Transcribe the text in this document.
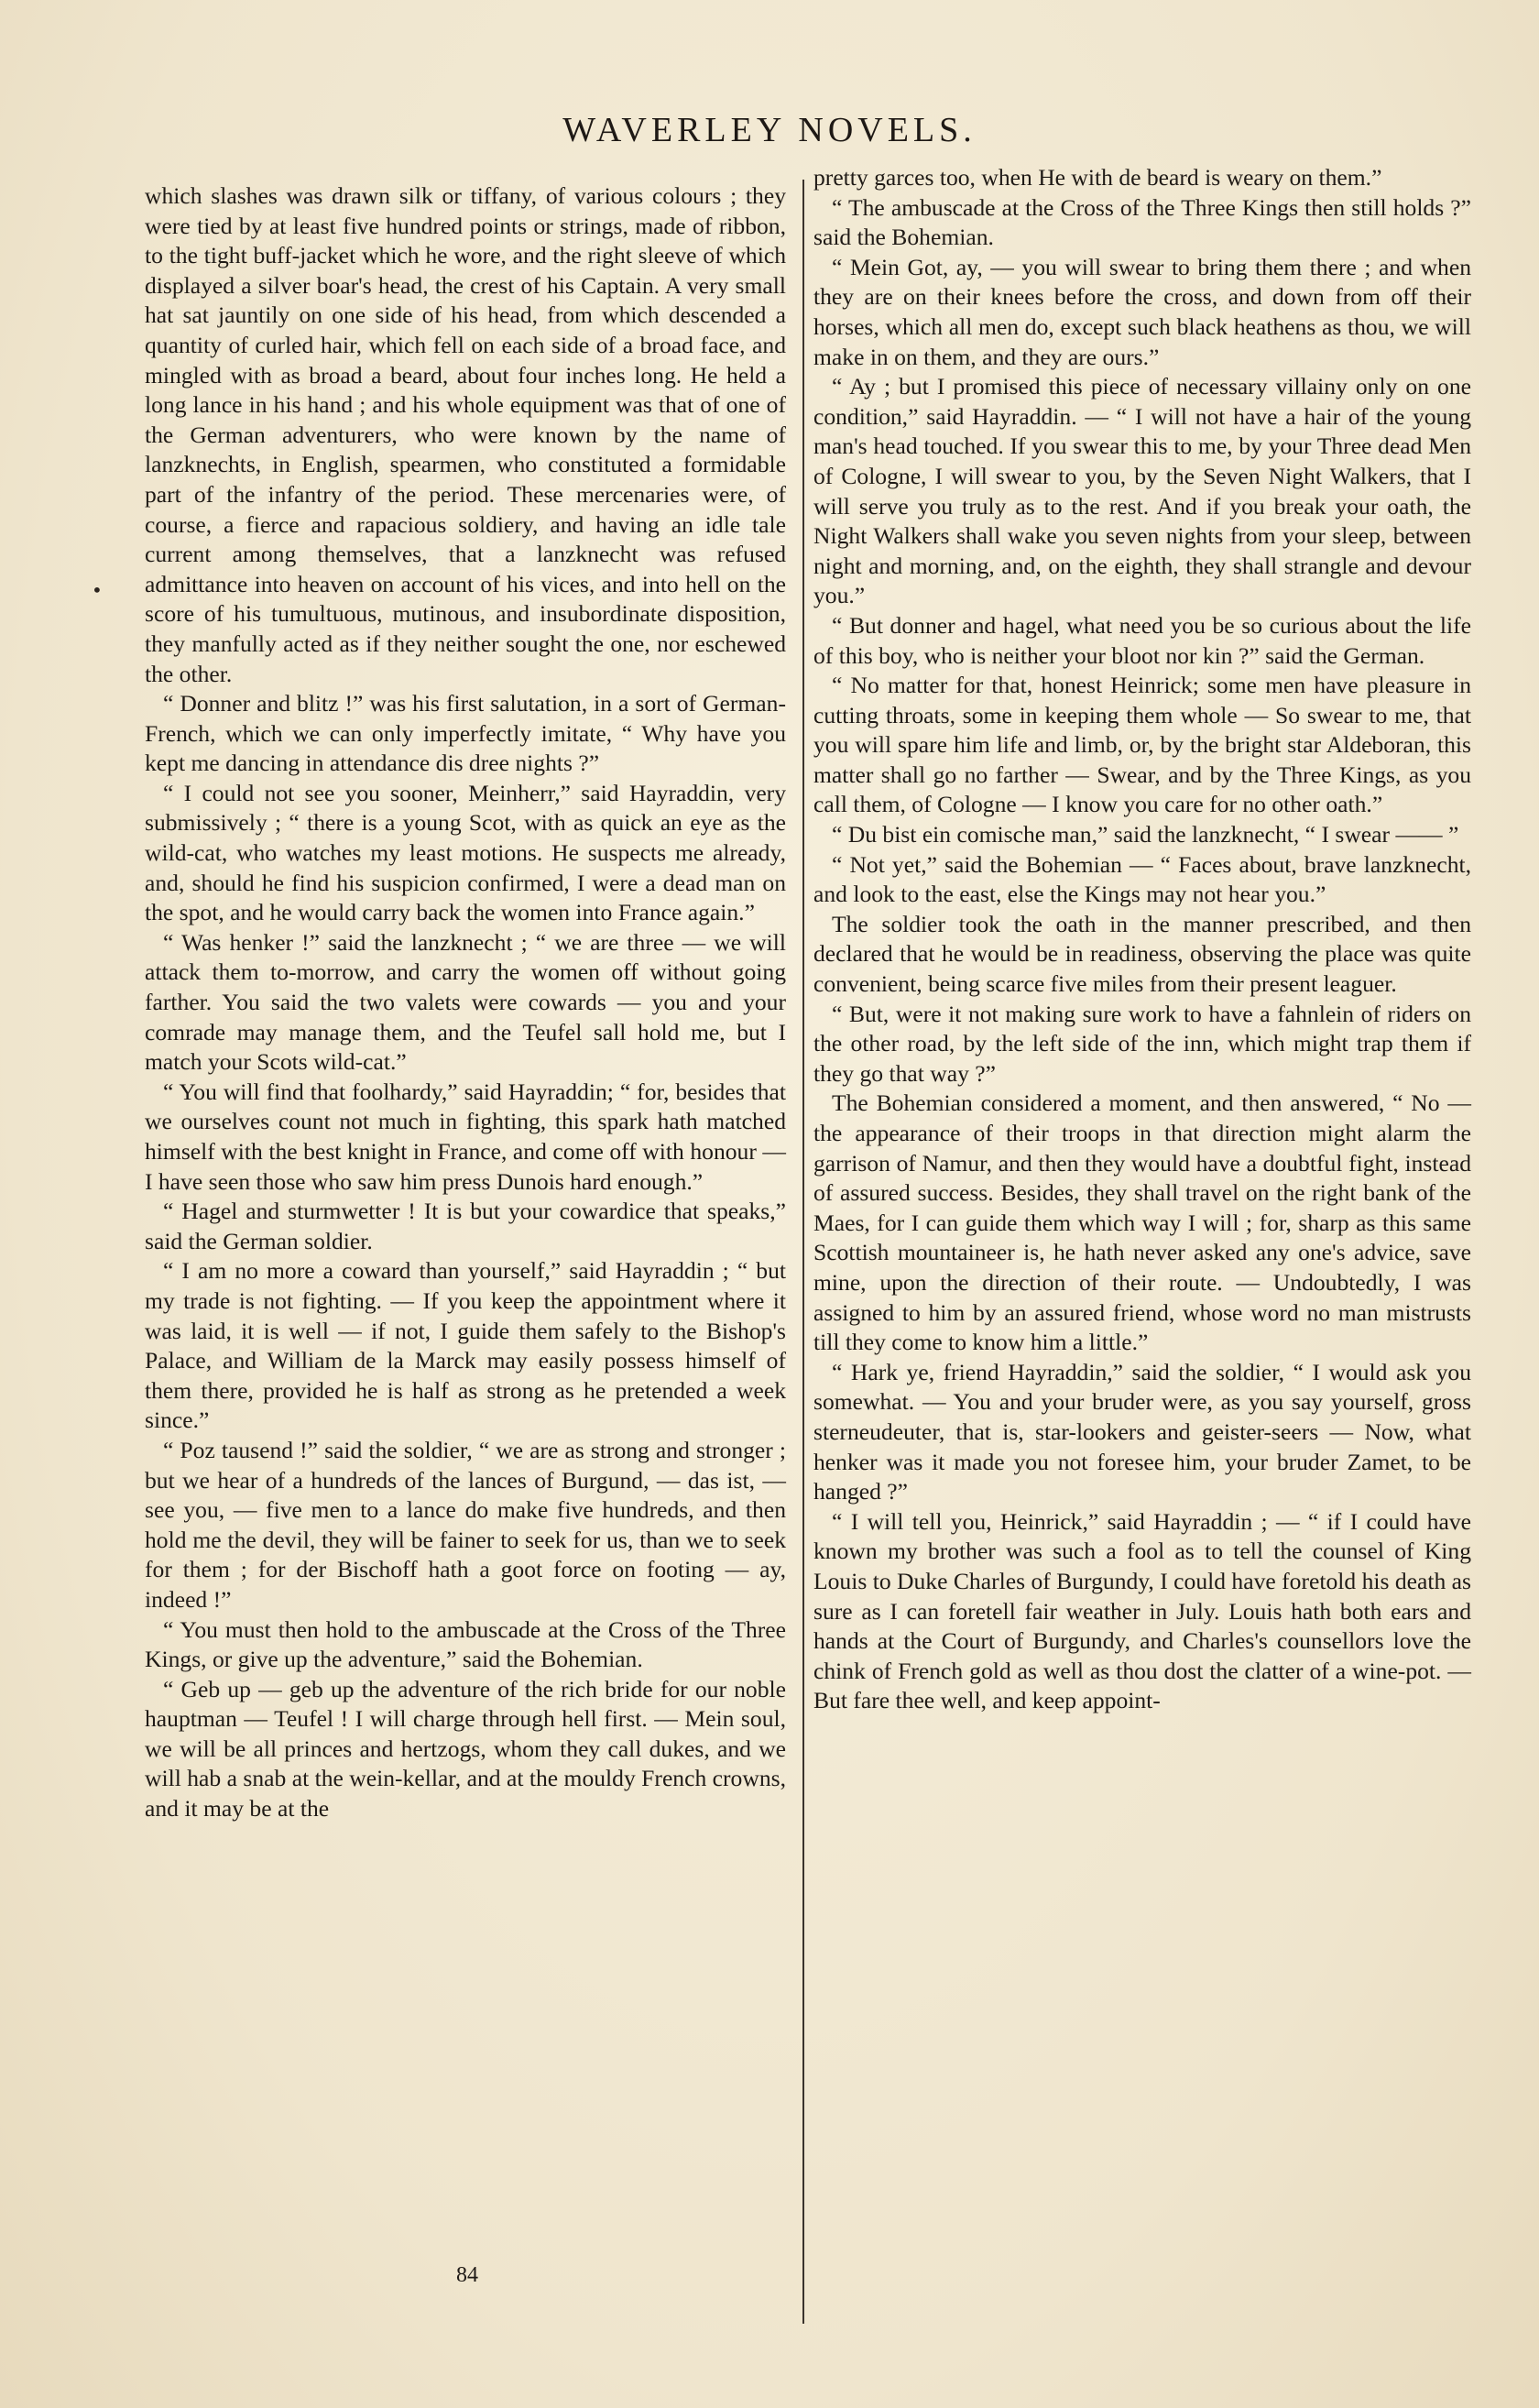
WAVERLEY NOVELS.
•

which slashes was drawn silk or tiffany, of various colours ; they were tied by at least five hundred points or strings, made of ribbon, to the tight buff-jacket which he wore, and the right sleeve of which displayed a silver boar's head, the crest of his Captain. A very small hat sat jauntily on one side of his head, from which descended a quantity of curled hair, which fell on each side of a broad face, and mingled with as broad a beard, about four inches long. He held a long lance in his hand ; and his whole equipment was that of one of the German adventurers, who were known by the name of lanzknechts, in English, spearmen, who constituted a formidable part of the infantry of the period. These mercenaries were, of course, a fierce and rapacious soldiery, and having an idle tale current among themselves, that a lanzknecht was refused admittance into heaven on account of his vices, and into hell on the score of his tumultuous, mutinous, and insubordinate disposition, they manfully acted as if they neither sought the one, nor eschewed the other.

“ Donner and blitz !” was his first salutation, in a sort of German-French, which we can only imperfectly imitate, “ Why have you kept me dancing in attendance dis dree nights ?”

“ I could not see you sooner, Meinherr,” said Hayraddin, very submissively ; “ there is a young Scot, with as quick an eye as the wild-cat, who watches my least motions. He suspects me already, and, should he find his suspicion confirmed, I were a dead man on the spot, and he would carry back the women into France again.”

“ Was henker !” said the lanzknecht ; “ we are three — we will attack them to-morrow, and carry the women off without going farther. You said the two valets were cowards — you and your comrade may manage them, and the Teufel sall hold me, but I match your Scots wild-cat.”

“ You will find that foolhardy,” said Hayraddin; “ for, besides that we ourselves count not much in fighting, this spark hath matched himself with the best knight in France, and come off with honour — I have seen those who saw him press Dunois hard enough.”

“ Hagel and sturmwetter ! It is but your cowardice that speaks,” said the German soldier.

“ I am no more a coward than yourself,” said Hayraddin ; “ but my trade is not fighting. — If you keep the appointment where it was laid, it is well — if not, I guide them safely to the Bishop's Palace, and William de la Marck may easily possess himself of them there, provided he is half as strong as he pretended a week since.”

“ Poz tausend !” said the soldier, “ we are as strong and stronger ; but we hear of a hundreds of the lances of Burgund, — das ist, — see you, — five men to a lance do make five hundreds, and then hold me the devil, they will be fainer to seek for us, than we to seek for them ; for der Bischoff hath a goot force on footing — ay, indeed !”

“ You must then hold to the ambuscade at the Cross of the Three Kings, or give up the adventure,” said the Bohemian.

“ Geb up — geb up the adventure of the rich bride for our noble hauptman — Teufel ! I will charge through hell first. — Mein soul, we will be all princes and hertzogs, whom they call dukes, and we will hab a snab at the wein-kellar, and at the mouldy French crowns, and it may be at the

pretty garces too, when He with de beard is weary on them.”

“ The ambuscade at the Cross of the Three Kings then still holds ?” said the Bohemian.

“ Mein Got, ay, — you will swear to bring them there ; and when they are on their knees before the cross, and down from off their horses, which all men do, except such black heathens as thou, we will make in on them, and they are ours.”

“ Ay ; but I promised this piece of necessary villainy only on one condition,” said Hayraddin. — “ I will not have a hair of the young man's head touched. If you swear this to me, by your Three dead Men of Cologne, I will swear to you, by the Seven Night Walkers, that I will serve you truly as to the rest. And if you break your oath, the Night Walkers shall wake you seven nights from your sleep, between night and morning, and, on the eighth, they shall strangle and devour you.”

“ But donner and hagel, what need you be so curious about the life of this boy, who is neither your bloot nor kin ?” said the German.

“ No matter for that, honest Heinrick; some men have pleasure in cutting throats, some in keeping them whole — So swear to me, that you will spare him life and limb, or, by the bright star Aldeboran, this matter shall go no farther — Swear, and by the Three Kings, as you call them, of Cologne — I know you care for no other oath.”

“ Du bist ein comische man,” said the lanzknecht, “ I swear —— ”

“ Not yet,” said the Bohemian — “ Faces about, brave lanzknecht, and look to the east, else the Kings may not hear you.”

The soldier took the oath in the manner prescribed, and then declared that he would be in readiness, observing the place was quite convenient, being scarce five miles from their present leaguer.

“ But, were it not making sure work to have a fahnlein of riders on the other road, by the left side of the inn, which might trap them if they go that way ?”

The Bohemian considered a moment, and then answered, “ No — the appearance of their troops in that direction might alarm the garrison of Namur, and then they would have a doubtful fight, instead of assured success. Besides, they shall travel on the right bank of the Maes, for I can guide them which way I will ; for, sharp as this same Scottish mountaineer is, he hath never asked any one's advice, save mine, upon the direction of their route. — Undoubtedly, I was assigned to him by an assured friend, whose word no man mistrusts till they come to know him a little.”

“ Hark ye, friend Hayraddin,” said the soldier, “ I would ask you somewhat. — You and your bruder were, as you say yourself, gross sterneudeuter, that is, star-lookers and geister-seers — Now, what henker was it made you not foresee him, your bruder Zamet, to be hanged ?”

“ I will tell you, Heinrick,” said Hayraddin ; — “ if I could have known my brother was such a fool as to tell the counsel of King Louis to Duke Charles of Burgundy, I could have foretold his death as sure as I can foretell fair weather in July. Louis hath both ears and hands at the Court of Burgundy, and Charles's counsellors love the chink of French gold as well as thou dost the clatter of a wine-pot. — But fare thee well, and keep appoint-

84
